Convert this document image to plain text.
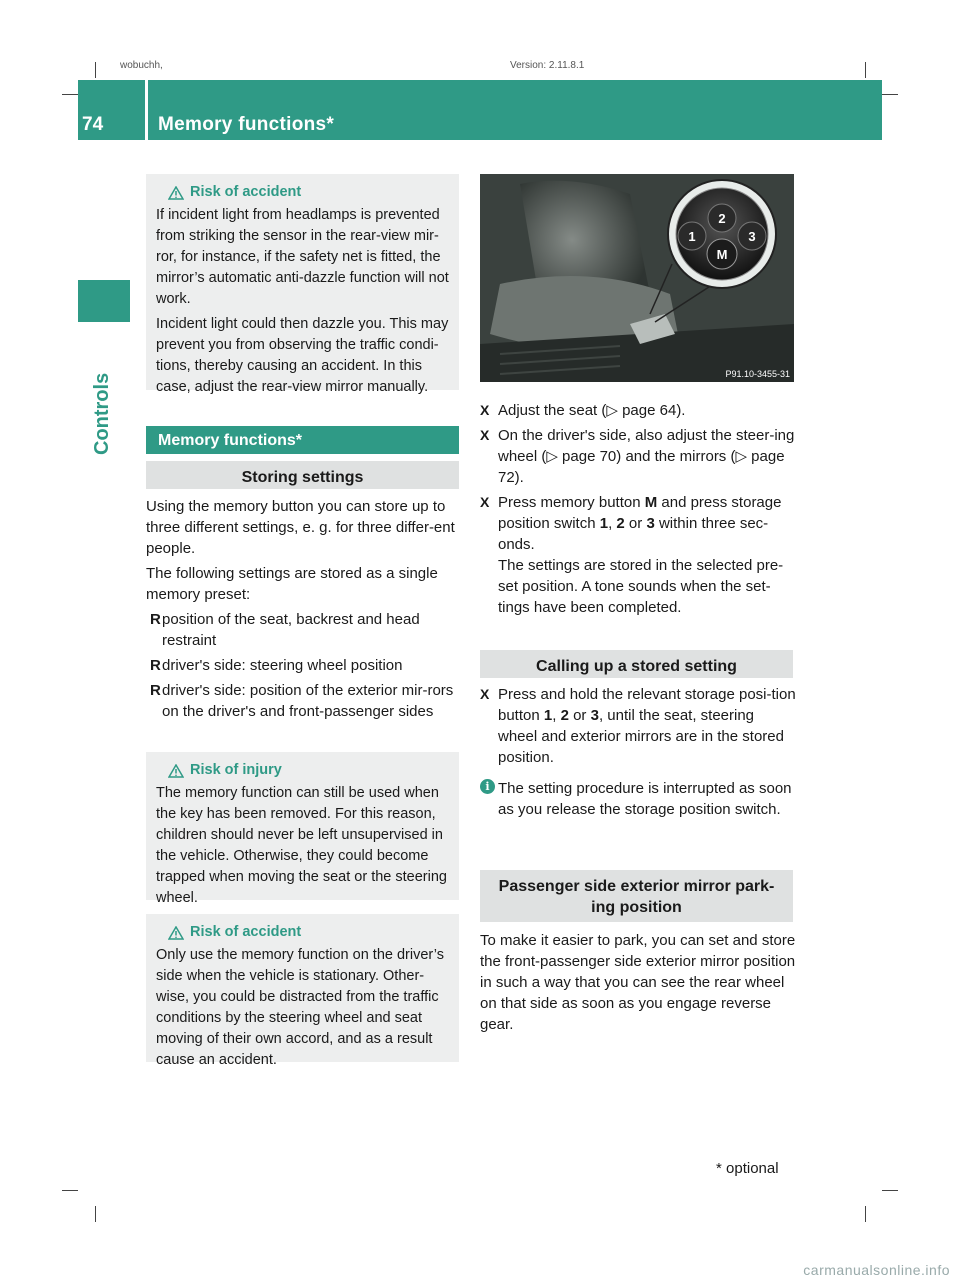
wobuchh,	Version: 2.11.8.1
74	Memory functions*
Controls
Risk of accident

If incident light from headlamps is prevented from striking the sensor in the rear-view mir-ror, for instance, if the safety net is fitted, the mirror’s automatic anti-dazzle function will not work.

Incident light could then dazzle you. This may prevent you from observing the traffic condi-tions, thereby causing an accident. In this case, adjust the rear-view mirror manually.

Memory functions*
Storing settings

Using the memory button you can store up to three different settings, e. g. for three differ-ent people.

The following settings are stored as a single memory preset:

R position of the seat, backrest and head restraint
R driver's side: steering wheel position
R driver's side: position of the exterior mir-rors on the driver's and front-passenger sides
Risk of injury

The memory function can still be used when the key has been removed. For this reason, children should never be left unsupervised in the vehicle. Otherwise, they could become trapped when moving the seat or the steering wheel.

Risk of accident

Only use the memory function on the driver’s side when the vehicle is stationary. Other-wise, you could be distracted from the traffic conditions by the steering wheel and seat moving of their own accord, and as a result cause an accident.

1
2
3
M
P91.10-3455-31
X Adjust the seat (▷ page 64).
X On the driver's side, also adjust the steer-ing wheel (▷ page 70) and the mirrors (▷ page 72).
X Press memory button M and press storage position switch 1, 2 or 3 within three sec-onds.
The settings are stored in the selected pre-set position. A tone sounds when the set-tings have been completed.
Calling up a stored setting
X Press and hold the relevant storage posi-tion button 1, 2 or 3, until the seat, steering wheel and exterior mirrors are in the stored position.
i The setting procedure is interrupted as soon as you release the storage position switch.
Passenger side exterior mirror park-ing position

To make it easier to park, you can set and store the front-passenger side exterior mirror position in such a way that you can see the rear wheel on that side as soon as you engage reverse gear.

* optional
carmanualsonline.info
